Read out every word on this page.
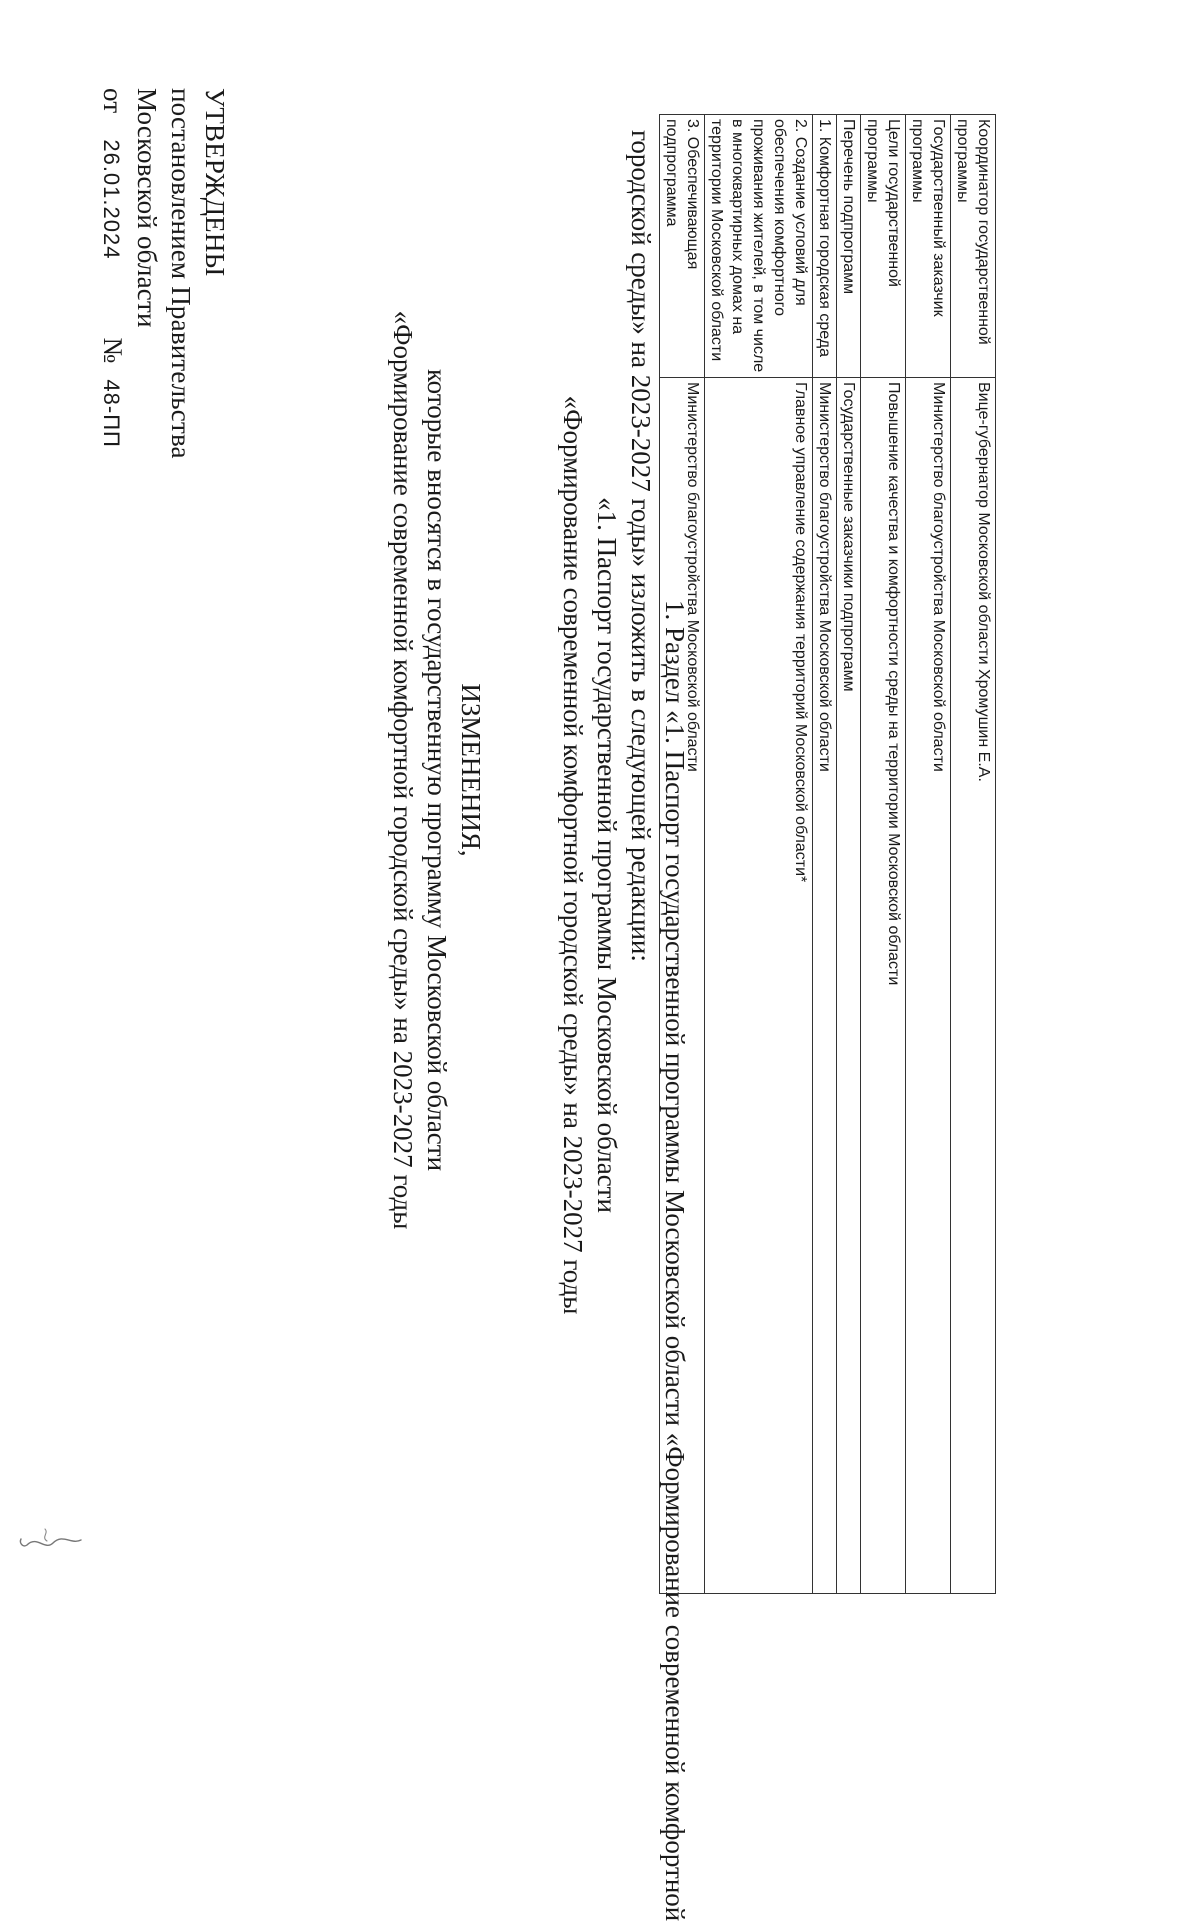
УТВЕРЖДЕНЫ
постановлением Правительства
Московской области
от26.01.2024№48-ПП
ИЗМЕНЕНИЯ,
которые вносятся в государственную программу Московской области
«Формирование современной комфортной городской среды» на 2023-2027 годы	1. Раздел «1. Паспорт государственной программы Московской области «Формирование современной комфортной
городской среды» на 2023-2027 годы» изложить в следующей редакции:
«1. Паспорт государственной программы Московской области
«Формирование современной комфортной городской среды» на 2023-2027 годы
Координатор государственной программы	Вице-губернатор Московской области Хромушин Е.А.
Государственный заказчик программы	Министерство благоустройства Московской области
Цели государственной программы	Повышение качества и комфортности среды на территории Московской области
Перечень подпрограмм	Государственные заказчики подпрограмм
1. Комфортная городская среда	Министерство благоустройства Московской области
2. Создание условий для обеспечения комфортного проживания жителей, в том числе в многоквартирных домах на территории Московской области	Главное управление содержания территорий Московской области*
3. Обеспечивающая подпрограмма	Министерство благоустройства Московской области
